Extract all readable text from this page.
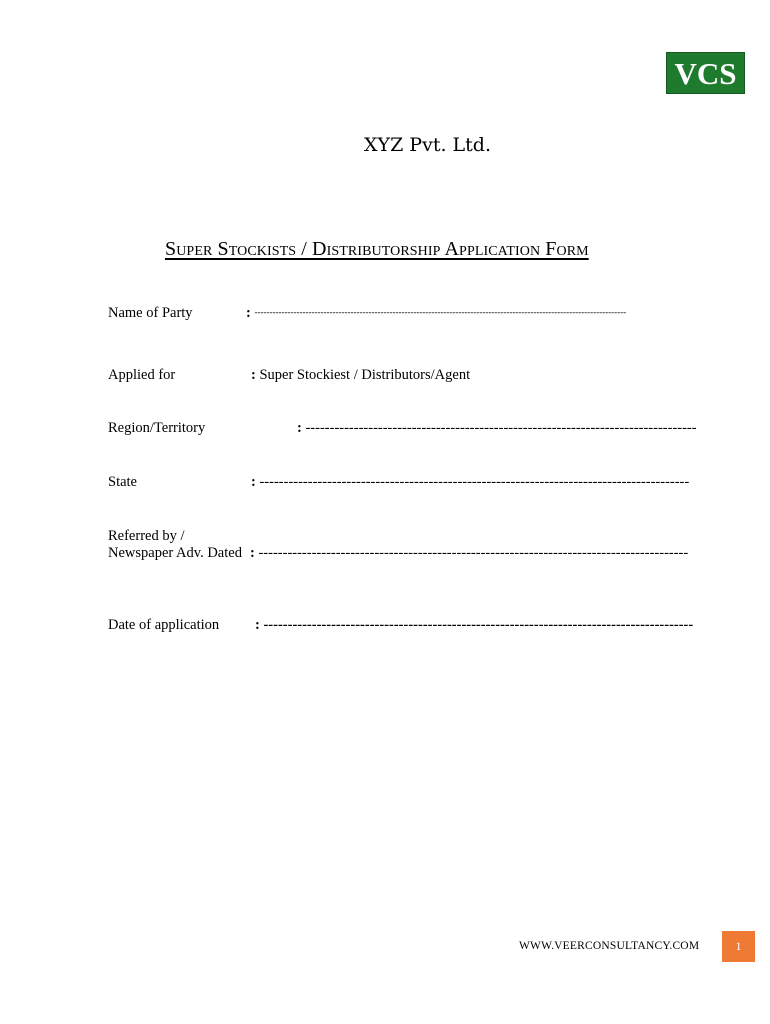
VCS
XYZ Pvt. Ltd.
Super Stockists / Distributorship Application Form
Name of Party	: ----------------------------------------------------------------------------------------------------------------------------
Applied for	: Super Stockiest / Distributors/Agent
Region/Territory	: ---------------------------------------------------------------------------------
State	: -----------------------------------------------------------------------------------------
Referred by /
Newspaper Adv. Dated : -----------------------------------------------------------------------------------------
Date of application : -----------------------------------------------------------------------------------------
WWW.VEERCONSULTANCY.COM	1
